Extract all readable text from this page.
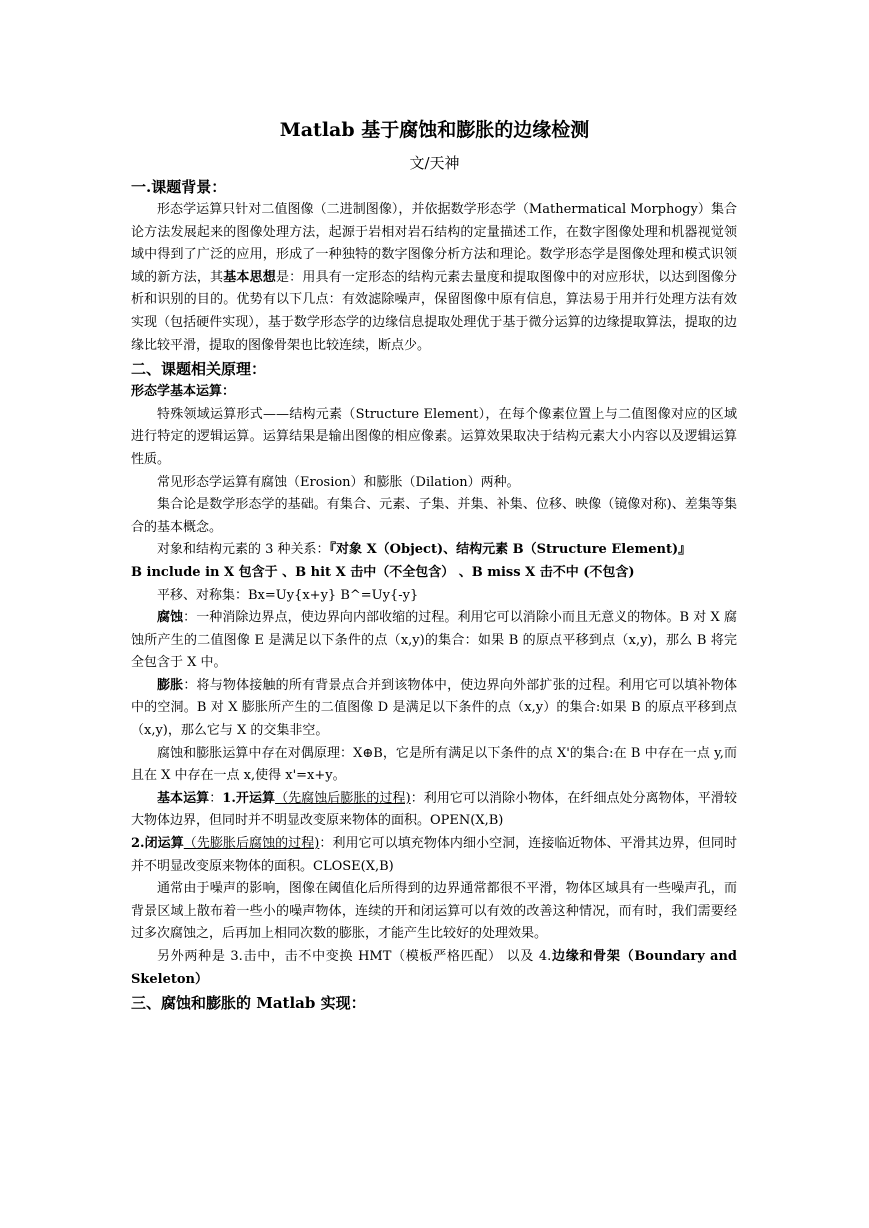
Matlab 基于腐蚀和膨胀的边缘检测
文/天神

一.课题背景：

形态学运算只针对二值图像（二进制图像），并依据数学形态学（Mathermatical Morphogy）集合论方法发展起来的图像处理方法，起源于岩相对岩石结构的定量描述工作，在数字图像处理和机器视觉领域中得到了广泛的应用，形成了一种独特的数字图像分析方法和理论。数学形态学是图像处理和模式识领域的新方法，其基本思想是：用具有一定形态的结构元素去量度和提取图像中的对应形状，以达到图像分析和识别的目的。优势有以下几点：有效滤除噪声，保留图像中原有信息，算法易于用并行处理方法有效实现（包括硬件实现），基于数学形态学的边缘信息提取处理优于基于微分运算的边缘提取算法，提取的边缘比较平滑，提取的图像骨架也比较连续，断点少。

二、课题相关原理：

形态学基本运算：

特殊领域运算形式——结构元素（Structure Element），在每个像素位置上与二值图像对应的区域进行特定的逻辑运算。运算结果是输出图像的相应像素。运算效果取决于结构元素大小内容以及逻辑运算性质。

常见形态学运算有腐蚀（Erosion）和膨胀（Dilation）两种。

集合论是数学形态学的基础。有集合、元素、子集、并集、补集、位移、映像（镜像对称)、差集等集合的基本概念。

对象和结构元素的 3 种关系：『对象 X（Object)、结构元素 B（Structure Element)』

B include in X 包含于 、B hit X 击中（不全包含） 、B miss X 击不中 (不包含)

平移、对称集：Bx=Uy{x+y} B^=Uy{-y}

腐蚀：一种消除边界点，使边界向内部收缩的过程。利用它可以消除小而且无意义的物体。B 对 X 腐蚀所产生的二值图像 E 是满足以下条件的点（x,y)的集合：如果 B 的原点平移到点（x,y)，那么 B 将完全包含于 X 中。

膨胀：将与物体接触的所有背景点合并到该物体中，使边界向外部扩张的过程。利用它可以填补物体中的空洞。B 对 X 膨胀所产生的二值图像 D 是满足以下条件的点（x,y）的集合:如果 B 的原点平移到点（x,y)，那么它与 X 的交集非空。

腐蚀和膨胀运算中存在对偶原理：X⊕B，它是所有满足以下条件的点 X'的集合:在 B 中存在一点 y,而且在 X 中存在一点 x,使得 x'=x+y。

基本运算：1.开运算（先腐蚀后膨胀的过程)：利用它可以消除小物体，在纤细点处分离物体，平滑较大物体边界，但同时并不明显改变原来物体的面积。OPEN(X,B)

2.闭运算（先膨胀后腐蚀的过程)：利用它可以填充物体内细小空洞，连接临近物体、平滑其边界，但同时并不明显改变原来物体的面积。CLOSE(X,B)

通常由于噪声的影响，图像在阈值化后所得到的边界通常都很不平滑，物体区域具有一些噪声孔，而背景区域上散布着一些小的噪声物体，连续的开和闭运算可以有效的改善这种情况，而有时，我们需要经过多次腐蚀之，后再加上相同次数的膨胀，才能产生比较好的处理效果。

另外两种是 3.击中，击不中变换 HMT（模板严格匹配） 以及 4.边缘和骨架（Boundary and Skeleton）

三、腐蚀和膨胀的 Matlab 实现：
